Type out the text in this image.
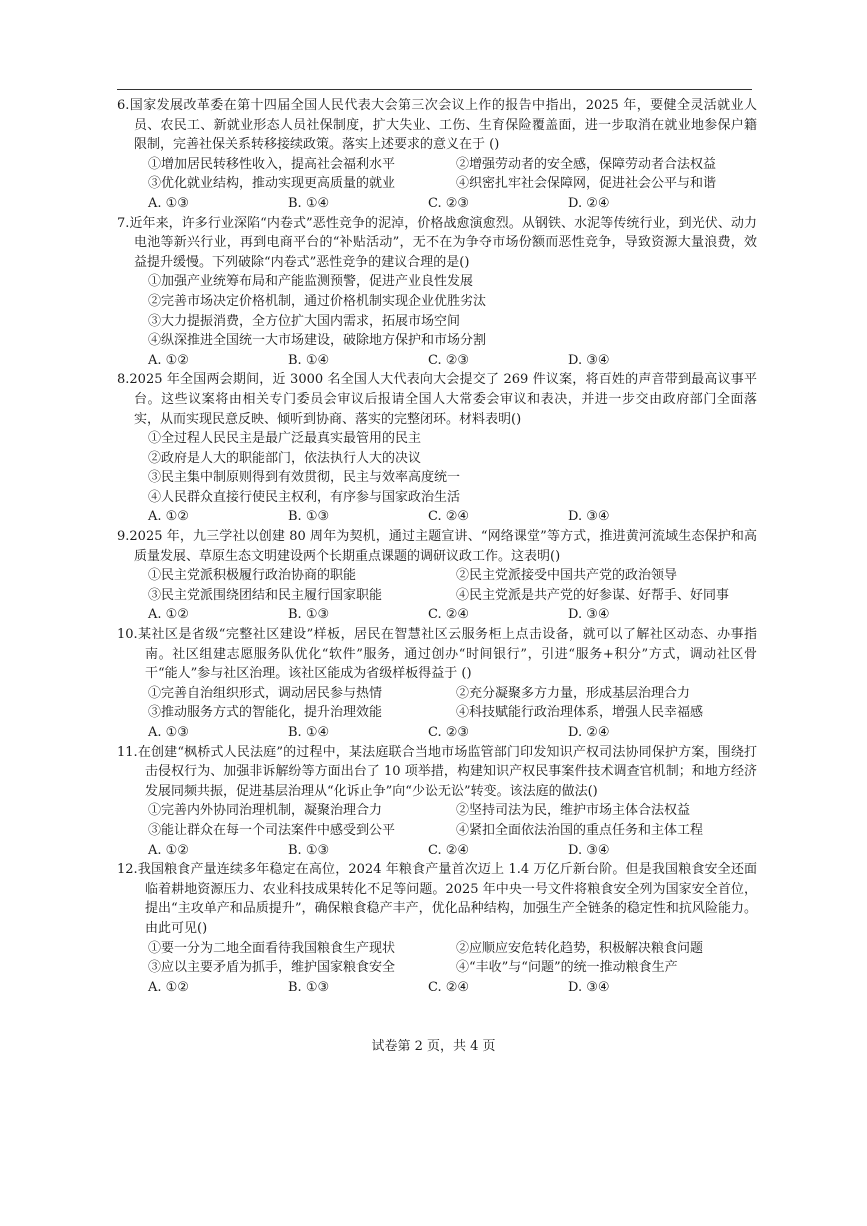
6.国家发展改革委在第十四届全国人民代表大会第三次会议上作的报告中指出，2025 年，要健全灵活就业人员、农民工、新就业形态人员社保制度，扩大失业、工伤、生育保险覆盖面，进一步取消在就业地参保户籍限制，完善社保关系转移接续政策。落实上述要求的意义在于 ()
①增加居民转移性收入，提高社会福利水平	②增强劳动者的安全感，保障劳动者合法权益
③优化就业结构，推动实现更高质量的就业	④织密扎牢社会保障网，促进社会公平与和谐
A. ①③	B. ①④	C. ②③	D. ②④
7.近年来，许多行业深陷“内卷式”恶性竞争的泥淖，价格战愈演愈烈。从钢铁、水泥等传统行业，到光伏、动力电池等新兴行业，再到电商平台的“补贴活动”，无不在为争夺市场份额而恶性竞争，导致资源大量浪费，效益提升缓慢。下列破除“内卷式”恶性竞争的建议合理的是()
①加强产业统筹布局和产能监测预警，促进产业良性发展
②完善市场决定价格机制，通过价格机制实现企业优胜劣汰
③大力提振消费，全方位扩大国内需求，拓展市场空间
④纵深推进全国统一大市场建设，破除地方保护和市场分割
A. ①②	B. ①④	C. ②③	D. ③④
8.2025 年全国两会期间，近 3000 名全国人大代表向大会提交了 269 件议案，将百姓的声音带到最高议事平台。这些议案将由相关专门委员会审议后报请全国人大常委会审议和表决，并进一步交由政府部门全面落实，从而实现民意反映、倾听到协商、落实的完整闭环。材料表明()
①全过程人民民主是最广泛最真实最管用的民主
②政府是人大的职能部门，依法执行人大的决议
③民主集中制原则得到有效贯彻，民主与效率高度统一
④人民群众直接行使民主权利，有序参与国家政治生活
A. ①②	B. ①③	C. ②④	D. ③④
9.2025 年，九三学社以创建 80 周年为契机，通过主题宣讲、“网络课堂”等方式，推进黄河流域生态保护和高质量发展、草原生态文明建设两个长期重点课题的调研议政工作。这表明()
①民主党派积极履行政治协商的职能	②民主党派接受中国共产党的政治领导
③民主党派围绕团结和民主履行国家职能	④民主党派是共产党的好参谋、好帮手、好同事
A. ①②	B. ①③	C. ②④	D. ③④
10.某社区是省级“完整社区建设”样板，居民在智慧社区云服务柜上点击设备，就可以了解社区动态、办事指南。社区组建志愿服务队优化“软件”服务，通过创办“时间银行”，引进“服务+积分”方式，调动社区骨干“能人”参与社区治理。该社区能成为省级样板得益于 ()
①完善自治组织形式，调动居民参与热情	②充分凝聚多方力量，形成基层治理合力
③推动服务方式的智能化，提升治理效能	④科技赋能行政治理体系，增强人民幸福感
A. ①③	B. ①④	C. ②③	D. ②④
11.在创建“枫桥式人民法庭”的过程中，某法庭联合当地市场监管部门印发知识产权司法协同保护方案，围绕打击侵权行为、加强非诉解纷等方面出台了 10 项举措，构建知识产权民事案件技术调查官机制；和地方经济发展同频共振，促进基层治理从“化诉止争”向“少讼无讼”转变。该法庭的做法()
①完善内外协同治理机制，凝聚治理合力	②坚持司法为民，维护市场主体合法权益
③能让群众在每一个司法案件中感受到公平	④紧扣全面依法治国的重点任务和主体工程
A. ①②	B. ①③	C. ②④	D. ③④
12.我国粮食产量连续多年稳定在高位，2024 年粮食产量首次迈上 1.4 万亿斤新台阶。但是我国粮食安全还面临着耕地资源压力、农业科技成果转化不足等问题。2025 年中央一号文件将粮食安全列为国家安全首位，提出“主攻单产和品质提升”，确保粮食稳产丰产，优化品种结构，加强生产全链条的稳定性和抗风险能力。由此可见()
①要一分为二地全面看待我国粮食生产现状	②应顺应安危转化趋势，积极解决粮食问题
③应以主要矛盾为抓手，维护国家粮食安全	④“丰收”与“问题”的统一推动粮食生产
A. ①②	B. ①③	C. ②④	D. ③④
试卷第 2 页，共 4 页
